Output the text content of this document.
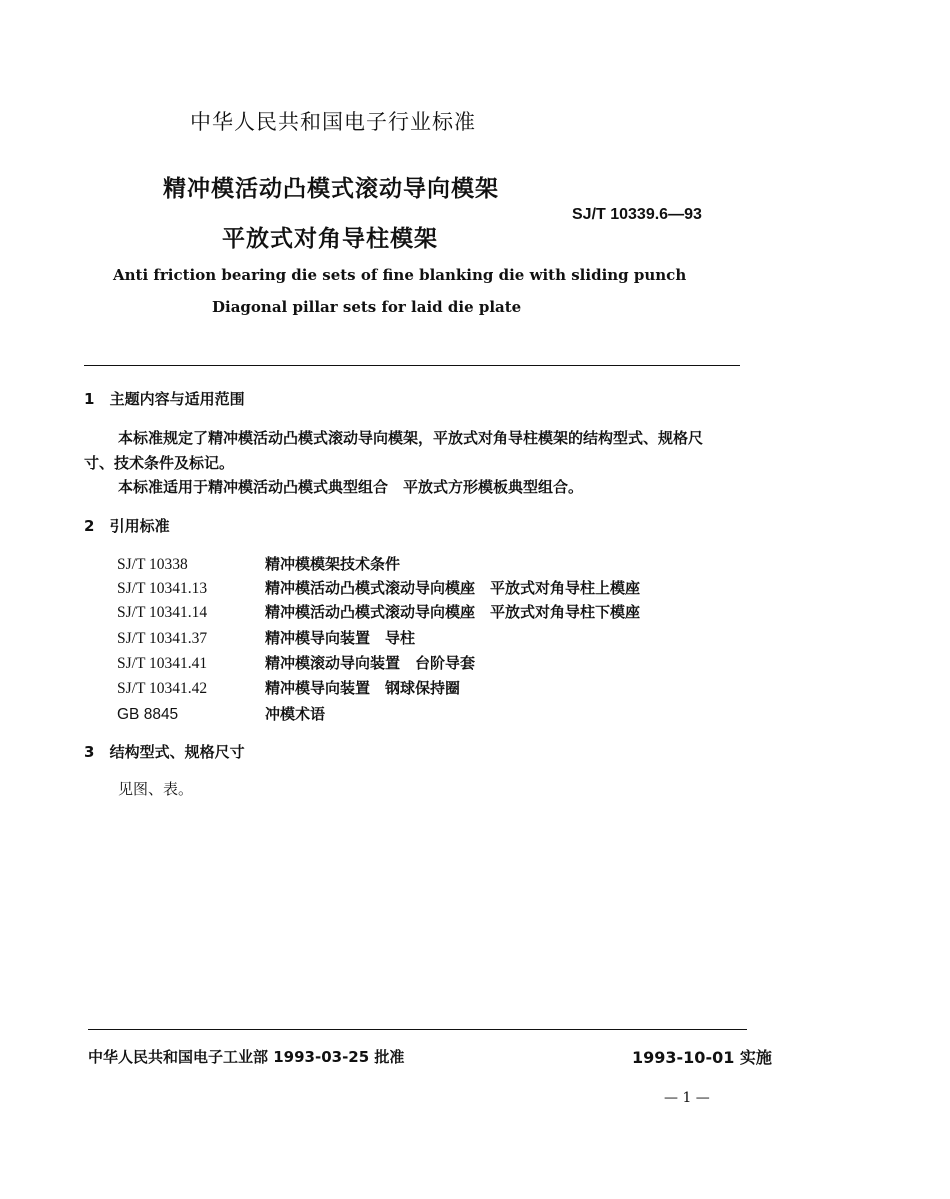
中华人民共和国电子行业标准
精冲模活动凸模式滚动导向模架
平放式对角导柱模架
SJ/T 10339.6—93
Anti friction bearing die sets of fine blanking die with sliding punch
Diagonal pillar sets for laid die plate
1 主题内容与适用范围
本标准规定了精冲模活动凸模式滚动导向模架，平放式对角导柱模架的结构型式、规格尺
寸、技术条件及标记。
本标准适用于精冲模活动凸模式典型组合　平放式方形模板典型组合。
2 引用标准
SJ/T 10338	精冲模模架技术条件
SJ/T 10341.13	精冲模活动凸模式滚动导向模座　平放式对角导柱上模座
SJ/T 10341.14	精冲模活动凸模式滚动导向模座　平放式对角导柱下模座
SJ/T 10341.37	精冲模导向装置　导柱
SJ/T 10341.41	精冲模滚动导向装置　台阶导套
SJ/T 10341.42	精冲模导向装置　钢球保持圈
GB 8845	冲模术语
3 结构型式、规格尺寸
见图、表。
中华人民共和国电子工业部 1993-03-25 批准	1993-10-01 实施
— 1 —
